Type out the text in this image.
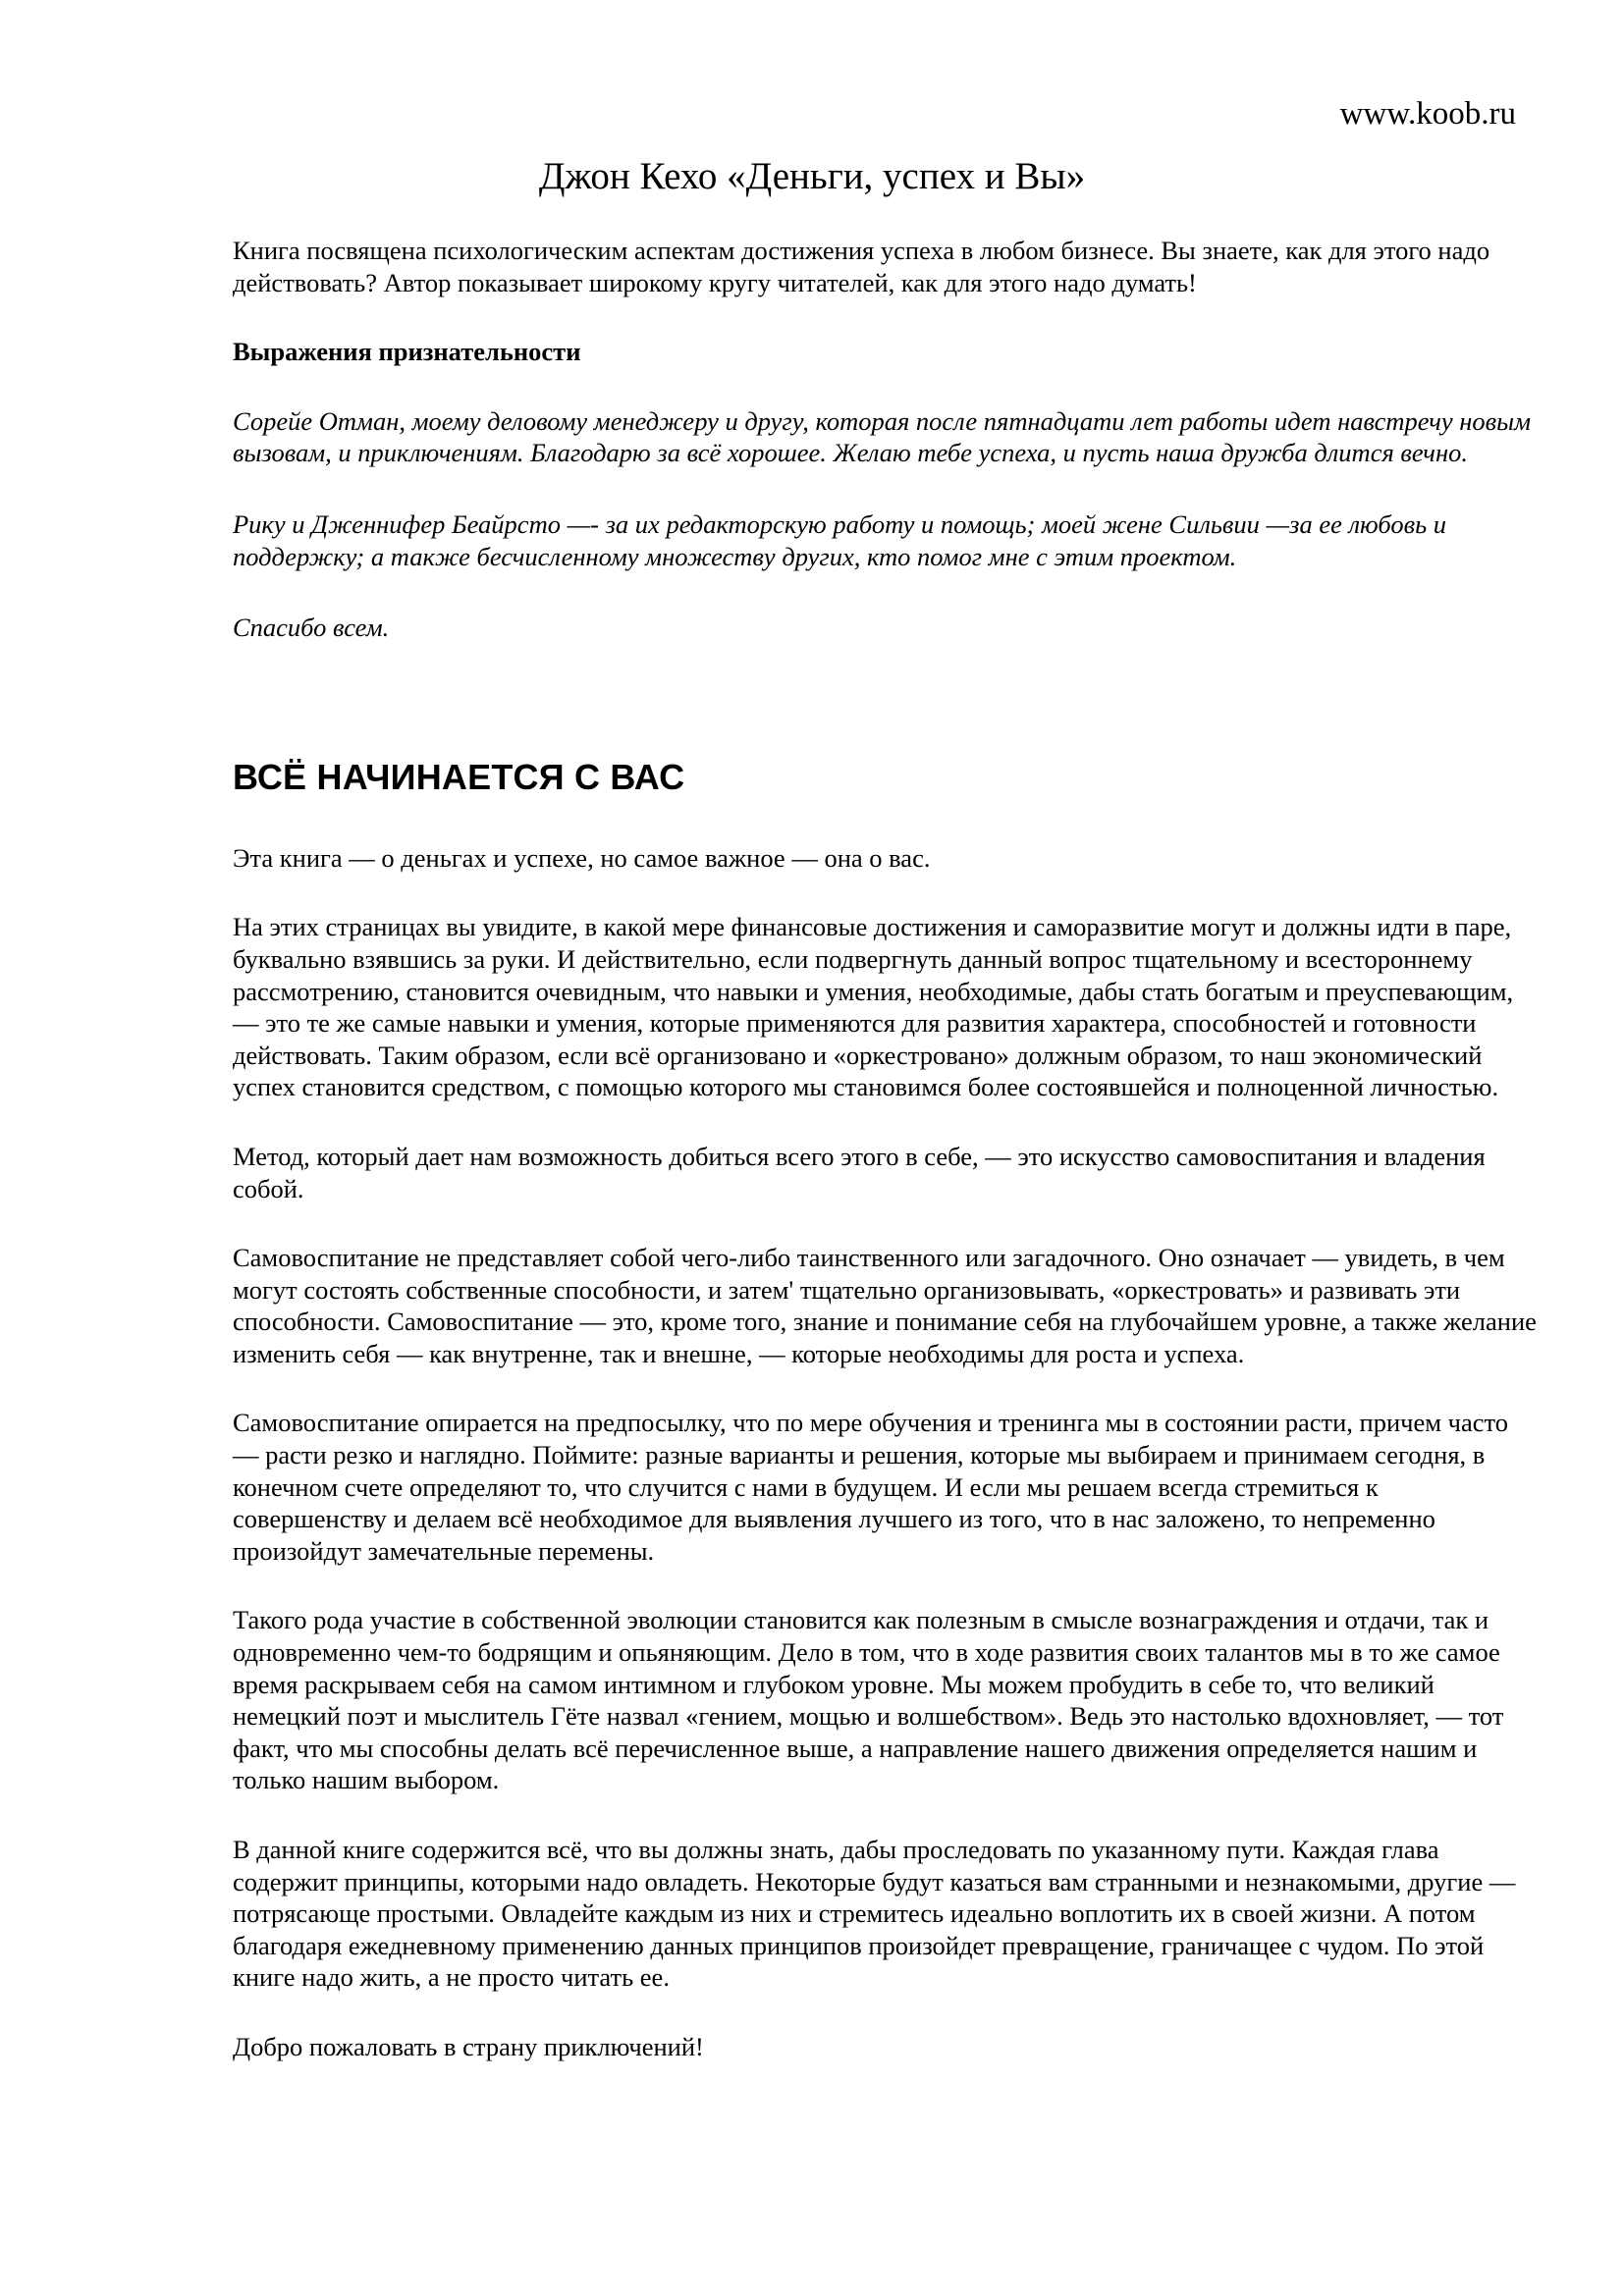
www.koob.ru
Джон Кехо «Деньги, успех и Вы»

Книга посвящена психологическим аспектам достижения успеха в любом бизнесе. Вы знаете, как для этого надо действовать? Автор показывает широкому кругу читателей, как для этого надо думать!

Выражения признательности

Сорейе Отман, моему деловому менеджеру и другу, которая после пятнадцати лет работы идет навстречу новым вызовам, и приключениям. Благодарю за всё хорошее. Желаю тебе успеха, и пусть наша дружба длится вечно.

Рику и Дженнифер Беайрсто —- за их редакторскую работу и помощь; моей жене Сильвии —за ее любовь и поддержку; а также бесчисленному множеству других, кто помог мне с этим проектом.

Спасибо всем.

ВСЁ НАЧИНАЕТСЯ С ВАС

Эта книга — о деньгах и успехе, но самое важное — она о вас.

На этих страницах вы увидите, в какой мере финансовые достижения и саморазвитие могут и должны идти в паре, буквально взявшись за руки. И действительно, если подвергнуть данный вопрос тщательному и всестороннему рассмотрению, становится очевидным, что навыки и умения, необходимые, дабы стать богатым и преуспевающим, — это те же самые навыки и умения, которые применяются для развития характера, способностей и готовности действовать. Таким образом, если всё организовано и «оркестровано» должным образом, то наш экономический успех становится средством, с помощью которого мы становимся более состоявшейся и полноценной личностью.

Метод, который дает нам возможность добиться всего этого в себе, — это искусство самовоспитания и владения собой.

Самовоспитание не представляет собой чего-либо таинственного или загадочного. Оно означает — увидеть, в чем могут состоять собственные способности, и затем' тщательно организовывать, «оркестровать» и развивать эти способности. Самовоспитание — это, кроме того, знание и понимание себя на глубочайшем уровне, а также желание изменить себя — как внутренне, так и внешне, — которые необходимы для роста и успеха.

Самовоспитание опирается на предпосылку, что по мере обучения и тренинга мы в состоянии расти, причем часто — расти резко и наглядно. Поймите: разные варианты и решения, которые мы выбираем и принимаем сегодня, в конечном счете определяют то, что случится с нами в будущем. И если мы решаем всегда стремиться к совершенству и делаем всё необходимое для выявления лучшего из того, что в нас заложено, то непременно произойдут замечательные перемены.

Такого рода участие в собственной эволюции становится как полезным в смысле вознаграждения и отдачи, так и одновременно чем-то бодрящим и опьяняющим. Дело в том, что в ходе развития своих талантов мы в то же самое время раскрываем себя на самом интимном и глубоком уровне. Мы можем пробудить в себе то, что великий немецкий поэт и мыслитель Гёте назвал «гением, мощью и волшебством». Ведь это настолько вдохновляет, — тот факт, что мы способны делать всё перечисленное выше, а направление нашего движения определяется нашим и только нашим выбором.

В данной книге содержится всё, что вы должны знать, дабы проследовать по указанному пути. Каждая глава содержит принципы, которыми надо овладеть. Некоторые будут казаться вам странными и незнакомыми, другие — потрясающе простыми. Овладейте каждым из них и стремитесь идеально воплотить их в своей жизни. А потом благодаря ежедневному применению данных принципов произойдет превращение, граничащее с чудом. По этой книге надо жить, а не просто читать ее.

Добро пожаловать в страну приключений!
